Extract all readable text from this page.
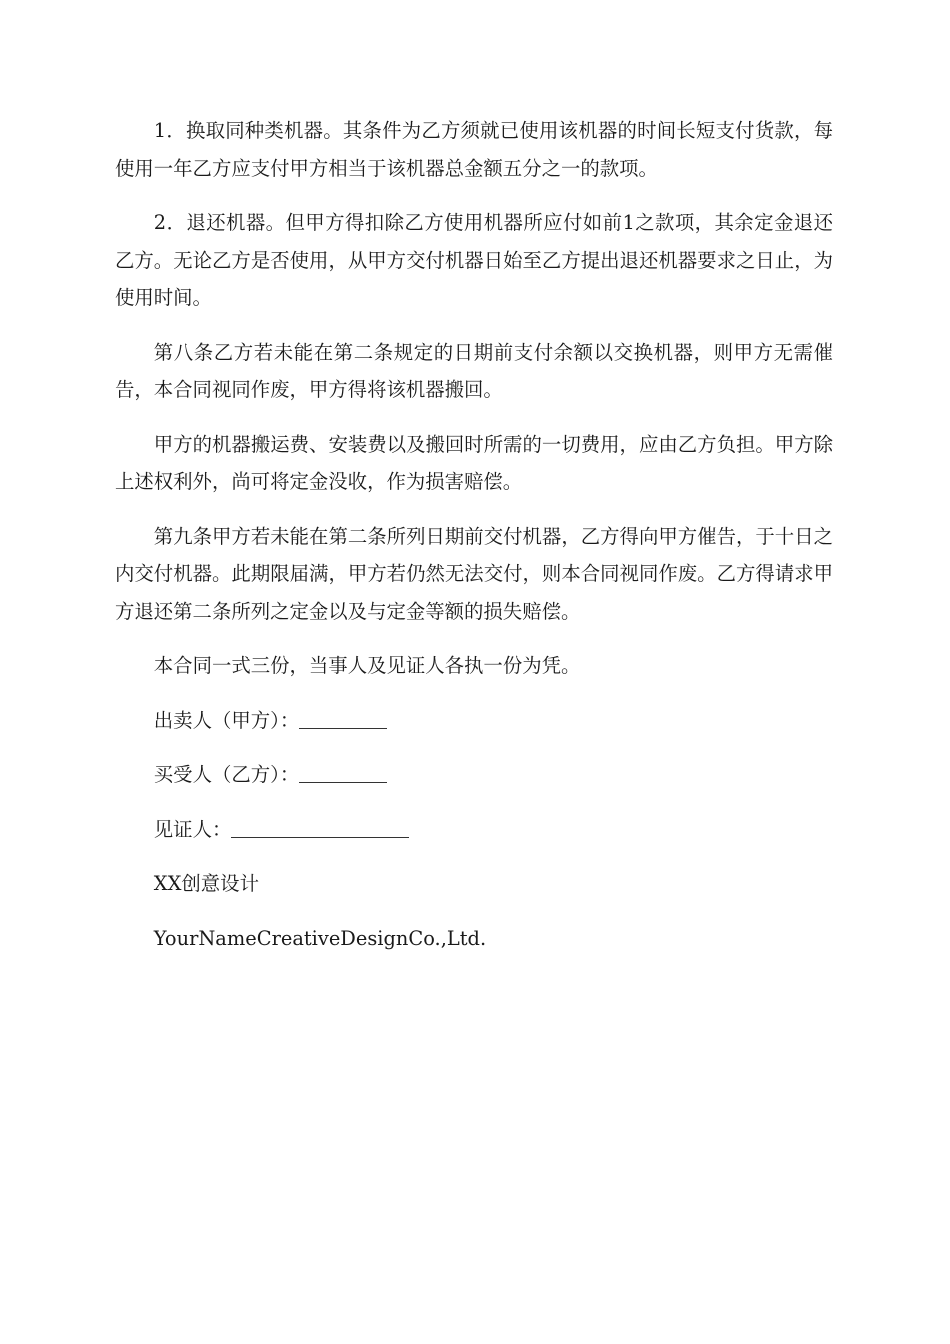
1．换取同种类机器。其条件为乙方须就已使用该机器的时间长短支付货款，每使用一年乙方应支付甲方相当于该机器总金额五分之一的款项。

2．退还机器。但甲方得扣除乙方使用机器所应付如前1之款项，其余定金退还乙方。无论乙方是否使用，从甲方交付机器日始至乙方提出退还机器要求之日止，为使用时间。

第八条乙方若未能在第二条规定的日期前支付余额以交换机器，则甲方无需催告，本合同视同作废，甲方得将该机器搬回。

甲方的机器搬运费、安装费以及搬回时所需的一切费用，应由乙方负担。甲方除上述权利外，尚可将定金没收，作为损害赔偿。

第九条甲方若未能在第二条所列日期前交付机器，乙方得向甲方催告，于十日之内交付机器。此期限届满，甲方若仍然无法交付，则本合同视同作废。乙方得请求甲方退还第二条所列之定金以及与定金等额的损失赔偿。

本合同一式三份，当事人及见证人各执一份为凭。

出卖人（甲方）：
买受人（乙方）：
见证人：
XX创意设计
YourNameCreativeDesignCo.,Ltd.
